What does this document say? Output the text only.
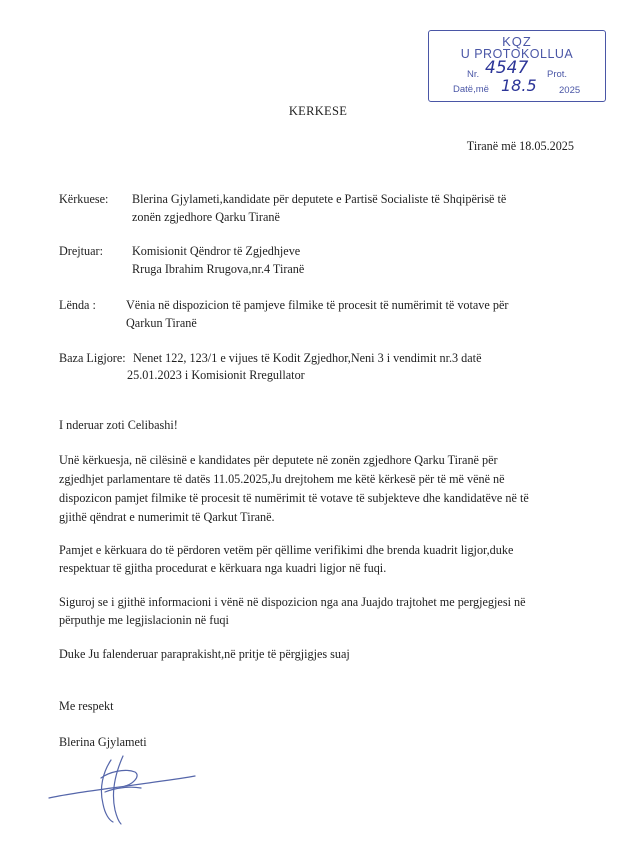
KQZ
U PROTOKOLLUA
Nr. 4547 Prot.
Datë,më 18.5 2025
KERKESE
Tiranë më 18.05.2025
Kërkuese: Blerina Gjylameti,kandidate për deputete e Partisë Socialiste të Shqipërisë të
zonën zgjedhore Qarku Tiranë
Drejtuar: Komisionit Qëndror të Zgjedhjeve
Rruga Ibrahim Rrugova,nr.4 Tiranë
Lënda : Vënia në dispozicion të pamjeve filmike të procesit të numërimit të votave për
Qarkun Tiranë
Baza Ligjore: Nenet 122, 123/1 e vijues të Kodit Zgjedhor,Neni 3 i vendimit nr.3 datë
25.01.2023 i Komisionit Rregullator
I nderuar zoti Celibashi!
Unë kërkuesja, në cilësinë e kandidates për deputete në zonën zgjedhore Qarku Tiranë për
zgjedhjet parlamentare të datës 11.05.2025,Ju drejtohem me këtë kërkesë për të më vënë në
dispozicon pamjet filmike të procesit të numërimit të votave të subjekteve dhe kandidatëve në të
gjithë qëndrat e numerimit të Qarkut Tiranë.
Pamjet e kërkuara do të përdoren vetëm për qëllime verifikimi dhe brenda kuadrit ligjor,duke
respektuar të gjitha procedurat e kërkuara nga kuadri ligjor në fuqi.
Siguroj se i gjithë informacioni i vënë në dispozicion nga ana Juajdo trajtohet me pergjegjesi në
përputhje me legjislacionin në fuqi
Duke Ju falenderuar paraprakisht,në pritje të përgjigjes suaj
Me respekt
Blerina Gjylameti
